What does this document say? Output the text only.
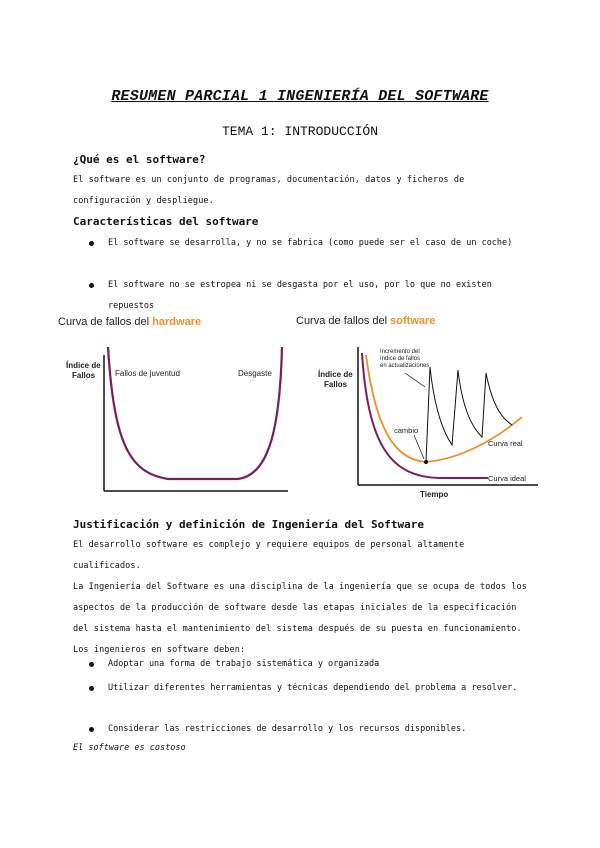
RESUMEN PARCIAL 1 INGENIERÍA DEL SOFTWARE
TEMA 1: INTRODUCCIÓN
¿Qué es el software?
El software es un conjunto de programas, documentación, datos y ficheros de configuración y despliegue.
Características del software
El software se desarrolla, y no se fabrica (como puede ser el caso de un coche)
El software no se estropea ni se desgasta por el uso, por lo que no existen repuestos
Curva de fallos del hardware
Índice de Fallos	Fallos de juventud	Desgaste
Curva de fallos del software
Índice de Fallos
Tiempo
Incremento del índice de fallos en actualizaciones
cambio
Curva real
Curva ideal
Justificación y definición de Ingeniería del Software
El desarrollo software es complejo y requiere equipos de personal altamente cualificados.
La Ingeniería del Software es una disciplina de la ingeniería que se ocupa de todos los aspectos de la producción de software desde las etapas iniciales de la especificación del sistema hasta el mantenimiento del sistema después de su puesta en funcionamiento. Los ingenieros en software deben:
Adoptar una forma de trabajo sistemática y organizada
Utilizar diferentes herramientas y técnicas dependiendo del problema a resolver.
Considerar las restricciones de desarrollo y los recursos disponibles.
El software es costoso
